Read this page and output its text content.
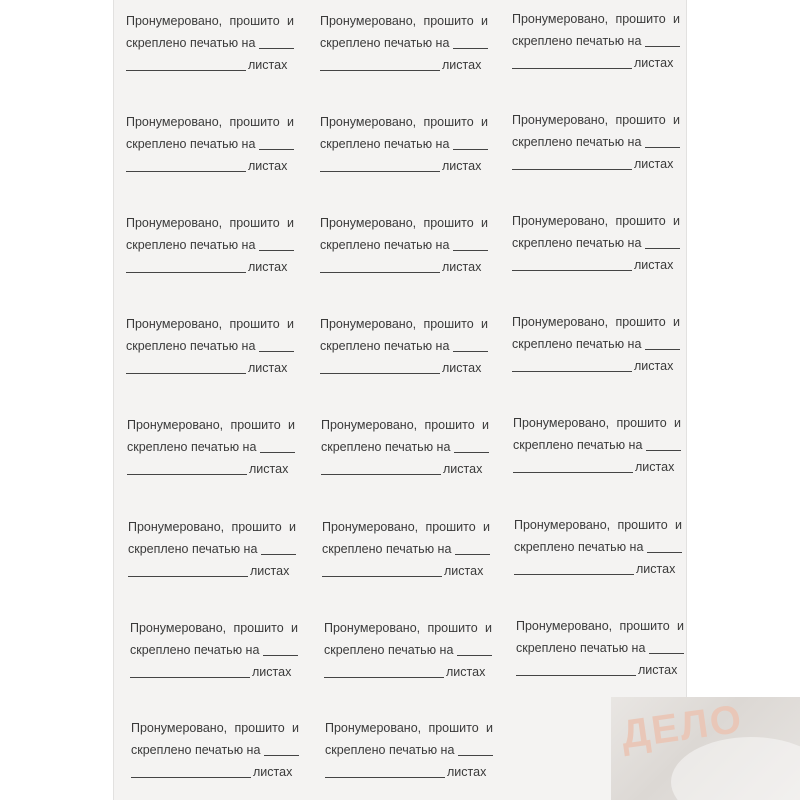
ДЕЛО
Пронумеровано, прошито и
скреплено печатью на
листах
Пронумеровано, прошито и
скреплено печатью на
листах
Пронумеровано, прошито и
скреплено печатью на
листах
Пронумеровано, прошито и
скреплено печатью на
листах
Пронумеровано, прошито и
скреплено печатью на
листах
Пронумеровано, прошито и
скреплено печатью на
листах
Пронумеровано, прошито и
скреплено печатью на
листах
Пронумеровано, прошито и
скреплено печатью на
листах
Пронумеровано, прошито и
скреплено печатью на
листах
Пронумеровано, прошито и
скреплено печатью на
листах
Пронумеровано, прошито и
скреплено печатью на
листах
Пронумеровано, прошито и
скреплено печатью на
листах
Пронумеровано, прошито и
скреплено печатью на
листах
Пронумеровано, прошито и
скреплено печатью на
листах
Пронумеровано, прошито и
скреплено печатью на
листах
Пронумеровано, прошито и
скреплено печатью на
листах
Пронумеровано, прошито и
скреплено печатью на
листах
Пронумеровано, прошито и
скреплено печатью на
листах
Пронумеровано, прошито и
скреплено печатью на
листах
Пронумеровано, прошито и
скреплено печатью на
листах
Пронумеровано, прошито и
скреплено печатью на
листах
Пронумеровано, прошито и
скреплено печатью на
листах
Пронумеровано, прошито и
скреплено печатью на
листах
